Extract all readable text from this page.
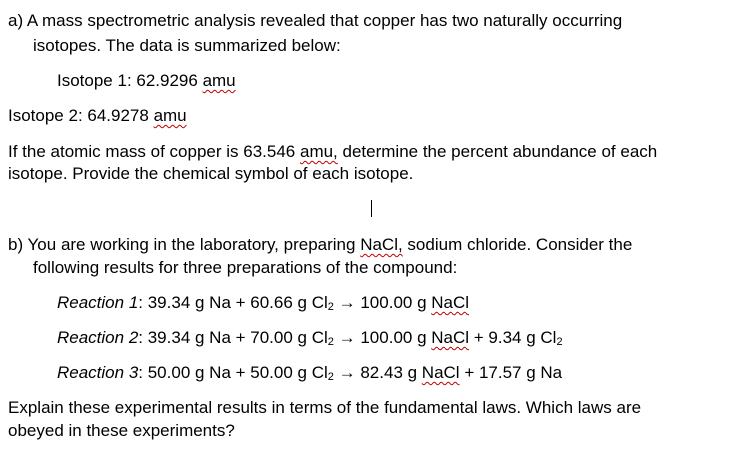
a) A mass spectrometric analysis revealed that copper has two naturally occurring
isotopes. The data is summarized below:
Isotope 1: 62.9296 amu
Isotope 2: 64.9278 amu
If the atomic mass of copper is 63.546 amu, determine the percent abundance of each
isotope. Provide the chemical symbol of each isotope.
b) You are working in the laboratory, preparing NaCl, sodium chloride. Consider the
following results for three preparations of the compound:
Reaction 1: 39.34 g Na + 60.66 g $Cl_2 \to 100.00$ g NaCl
Reaction 2: 39.34 g Na + 70.00 g $Cl_2 \to 100.00$ g NaCl + 9.34 g $Cl_2$
Reaction 3: 50.00 g Na + 50.00 g $Cl_2 \to 82.43$ g NaCl + 17.57 g Na
Explain these experimental results in terms of the fundamental laws. Which laws are
obeyed in these experiments?
